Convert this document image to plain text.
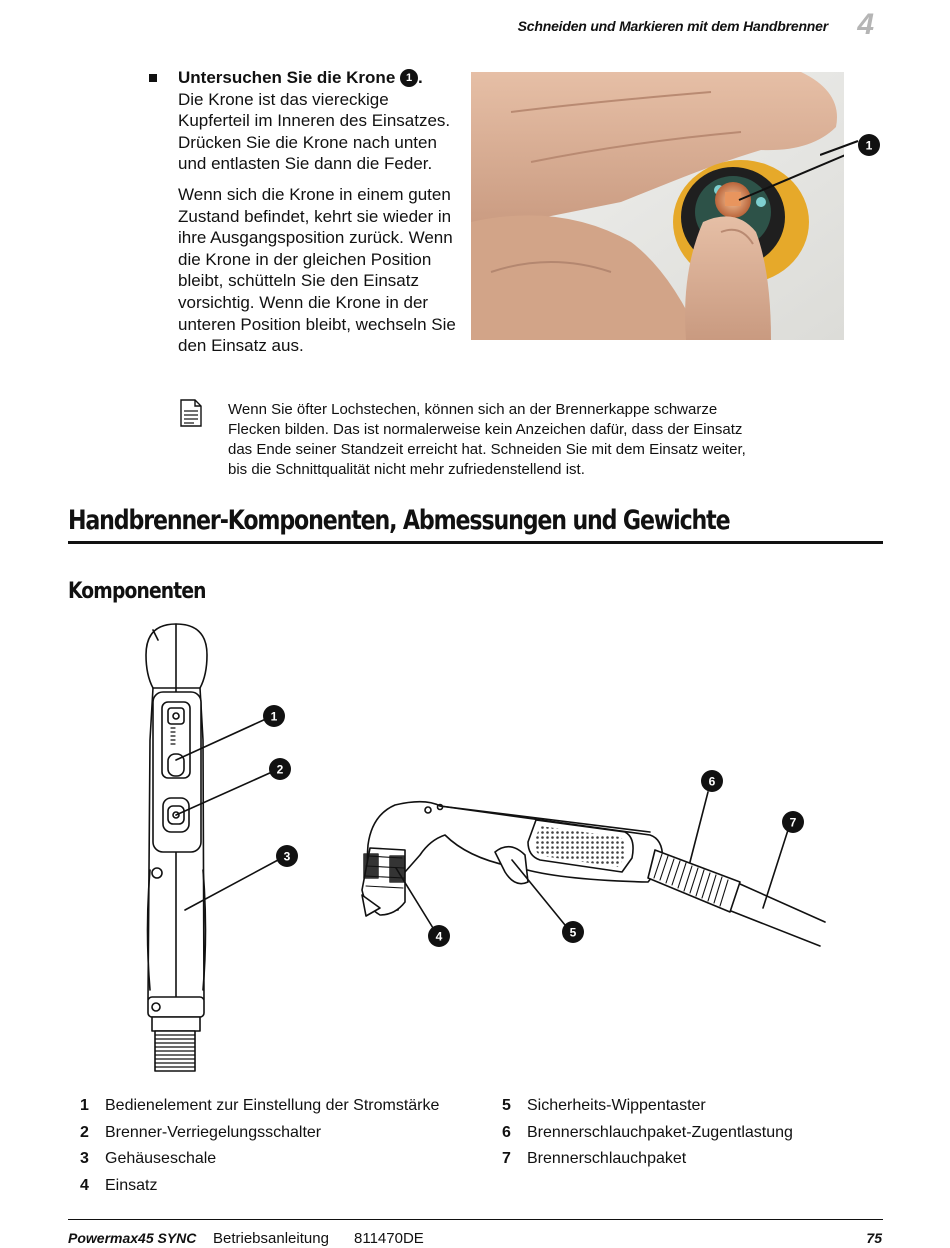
Schneiden und Markieren mit dem Handbrenner 4

Untersuchen Sie die Krone 1 .

Die Krone ist das viereckige Kupferteil im Inneren des Einsatzes. Drücken Sie die Krone nach unten und entlasten Sie dann die Feder.

Wenn sich die Krone in einem guten Zustand befindet, kehrt sie wieder in ihre Ausgangsposition zurück. Wenn die Krone in der gleichen Position bleibt, schütteln Sie den Einsatz vorsichtig. Wenn die Krone in der unteren Position bleibt, wechseln Sie den Einsatz aus.

1
Wenn Sie öfter Lochstechen, können sich an der Brennerkappe schwarze Flecken bilden. Das ist normalerweise kein Anzeichen dafür, dass der Einsatz das Ende seiner Standzeit erreicht hat. Schneiden Sie mit dem Einsatz weiter, bis die Schnittqualität nicht mehr zufriedenstellend ist.
Handbrenner-Komponenten, Abmessungen und Gewichte
Komponenten
1
2
3
4	5
6
7
1	Bedienelement zur Einstellung der Stromstärke
2	Brenner-Verriegelungsschalter
3	Gehäuseschale
4	Einsatz
5	Sicherheits-Wippentaster
6	Brennerschlauchpaket-Zugentlastung
7	Brennerschlauchpaket
Powermax45 SYNC Betriebsanleitung 811470DE	75
